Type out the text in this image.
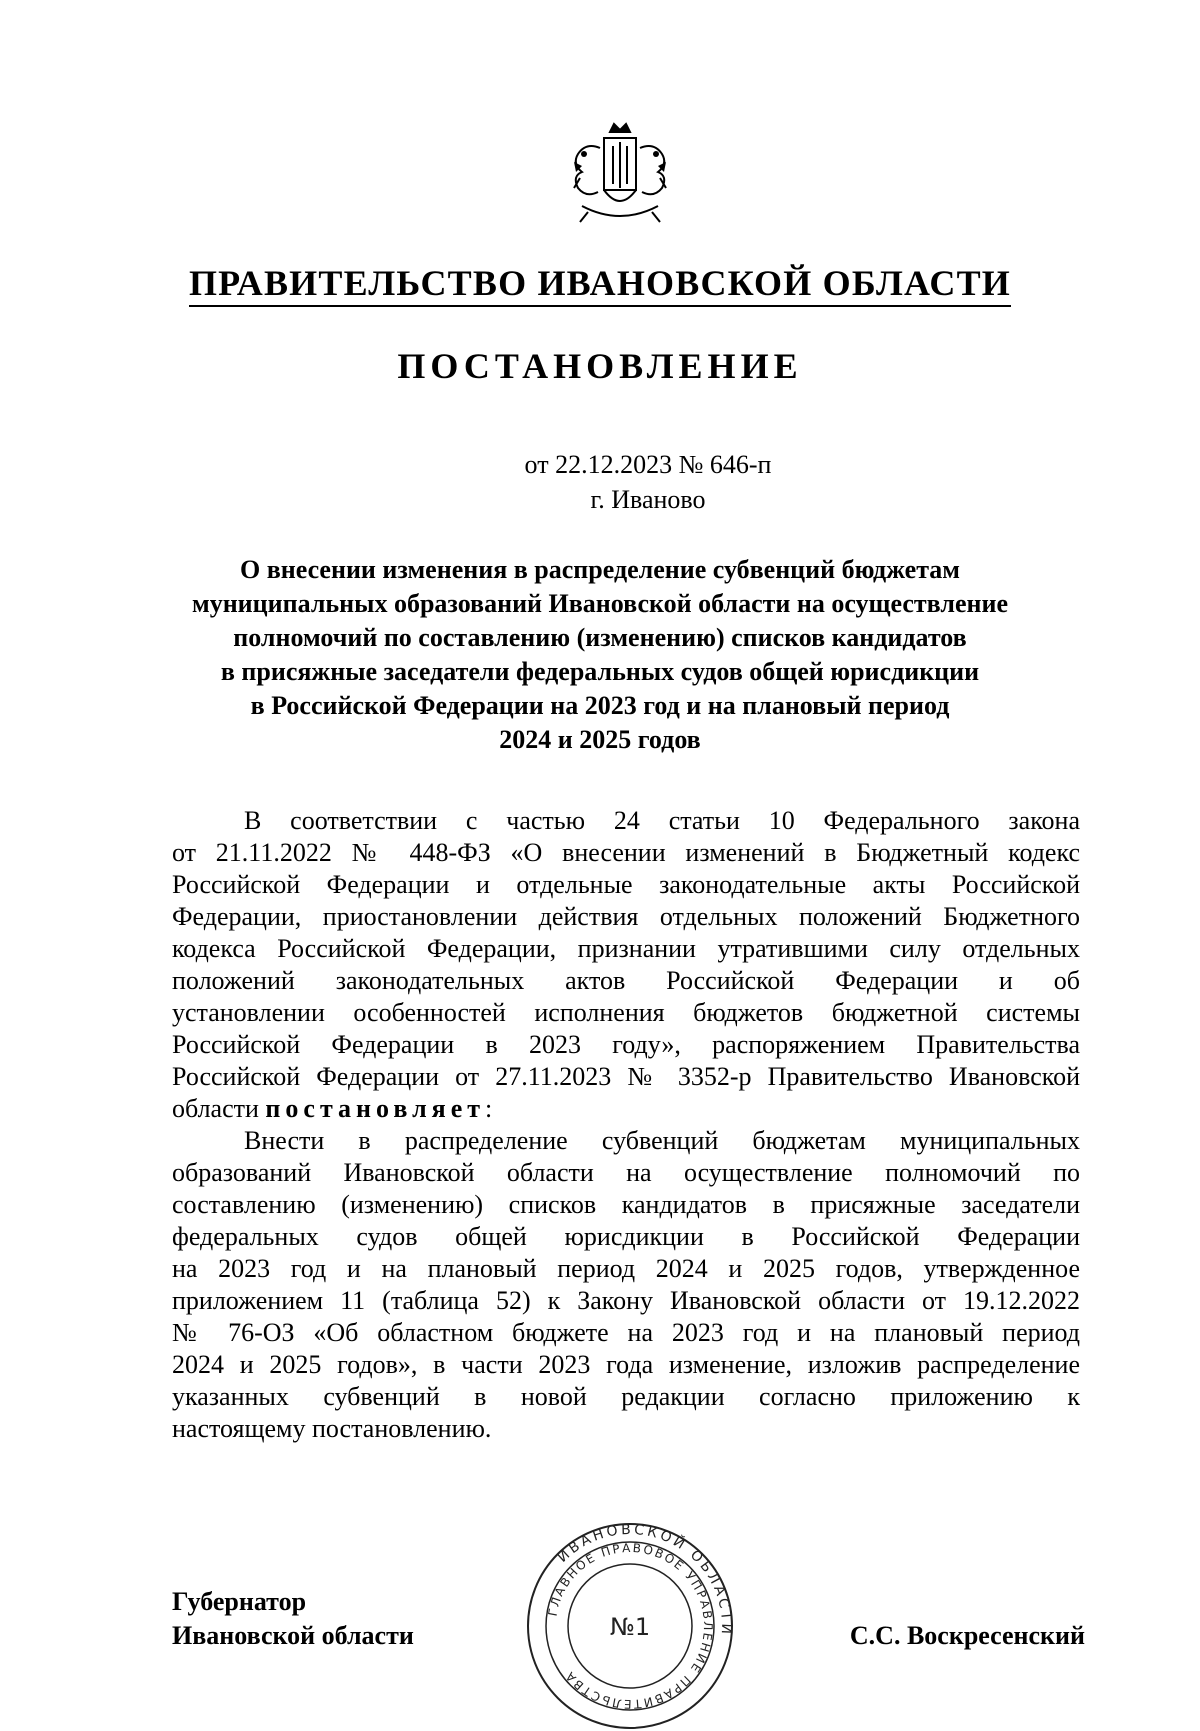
ПРАВИТЕЛЬСТВО ИВАНОВСКОЙ ОБЛАСТИ
ПОСТАНОВЛЕНИЕ
от 22.12.2023 № 646-п
г. Иваново
О внесении изменения в распределение субвенций бюджетам
муниципальных образований Ивановской области на осуществление
полномочий по составлению (изменению) списков кандидатов
в присяжные заседатели федеральных судов общей юрисдикции
в Российской Федерации на 2023 год и на плановый период
2024 и 2025 годов
В соответствии с частью 24 статьи 10 Федерального закона
от 21.11.2022 № 448-ФЗ «О внесении изменений в Бюджетный кодекс
Российской Федерации и отдельные законодательные акты Российской
Федерации, приостановлении действия отдельных положений Бюджетного
кодекса Российской Федерации, признании утратившими силу отдельных
положений законодательных актов Российской Федерации и об
установлении особенностей исполнения бюджетов бюджетной системы
Российской Федерации в 2023 году», распоряжением Правительства
Российской Федерации от 27.11.2023 № 3352-р Правительство Ивановской
области постановляет:
Внести в распределение субвенций бюджетам муниципальных
образований Ивановской области на осуществление полномочий по
составлению (изменению) списков кандидатов в присяжные заседатели
федеральных судов общей юрисдикции в Российской Федерации
на 2023 год и на плановый период 2024 и 2025 годов, утвержденное
приложением 11 (таблица 52) к Закону Ивановской области от 19.12.2022
№ 76-ОЗ «Об областном бюджете на 2023 год и на плановый период
2024 и 2025 годов», в части 2023 года изменение, изложив распределение
указанных субвенций в новой редакции согласно приложению к
настоящему постановлению.
ИВАНОВСКОЙ ОБЛАСТИ
ГЛАВНОЕ ПРАВОВОЕ УПРАВЛЕНИЕ ПРАВИТЕЛЬСТВА
№1
Губернатор
Ивановской области	С.С. Воскресенский
